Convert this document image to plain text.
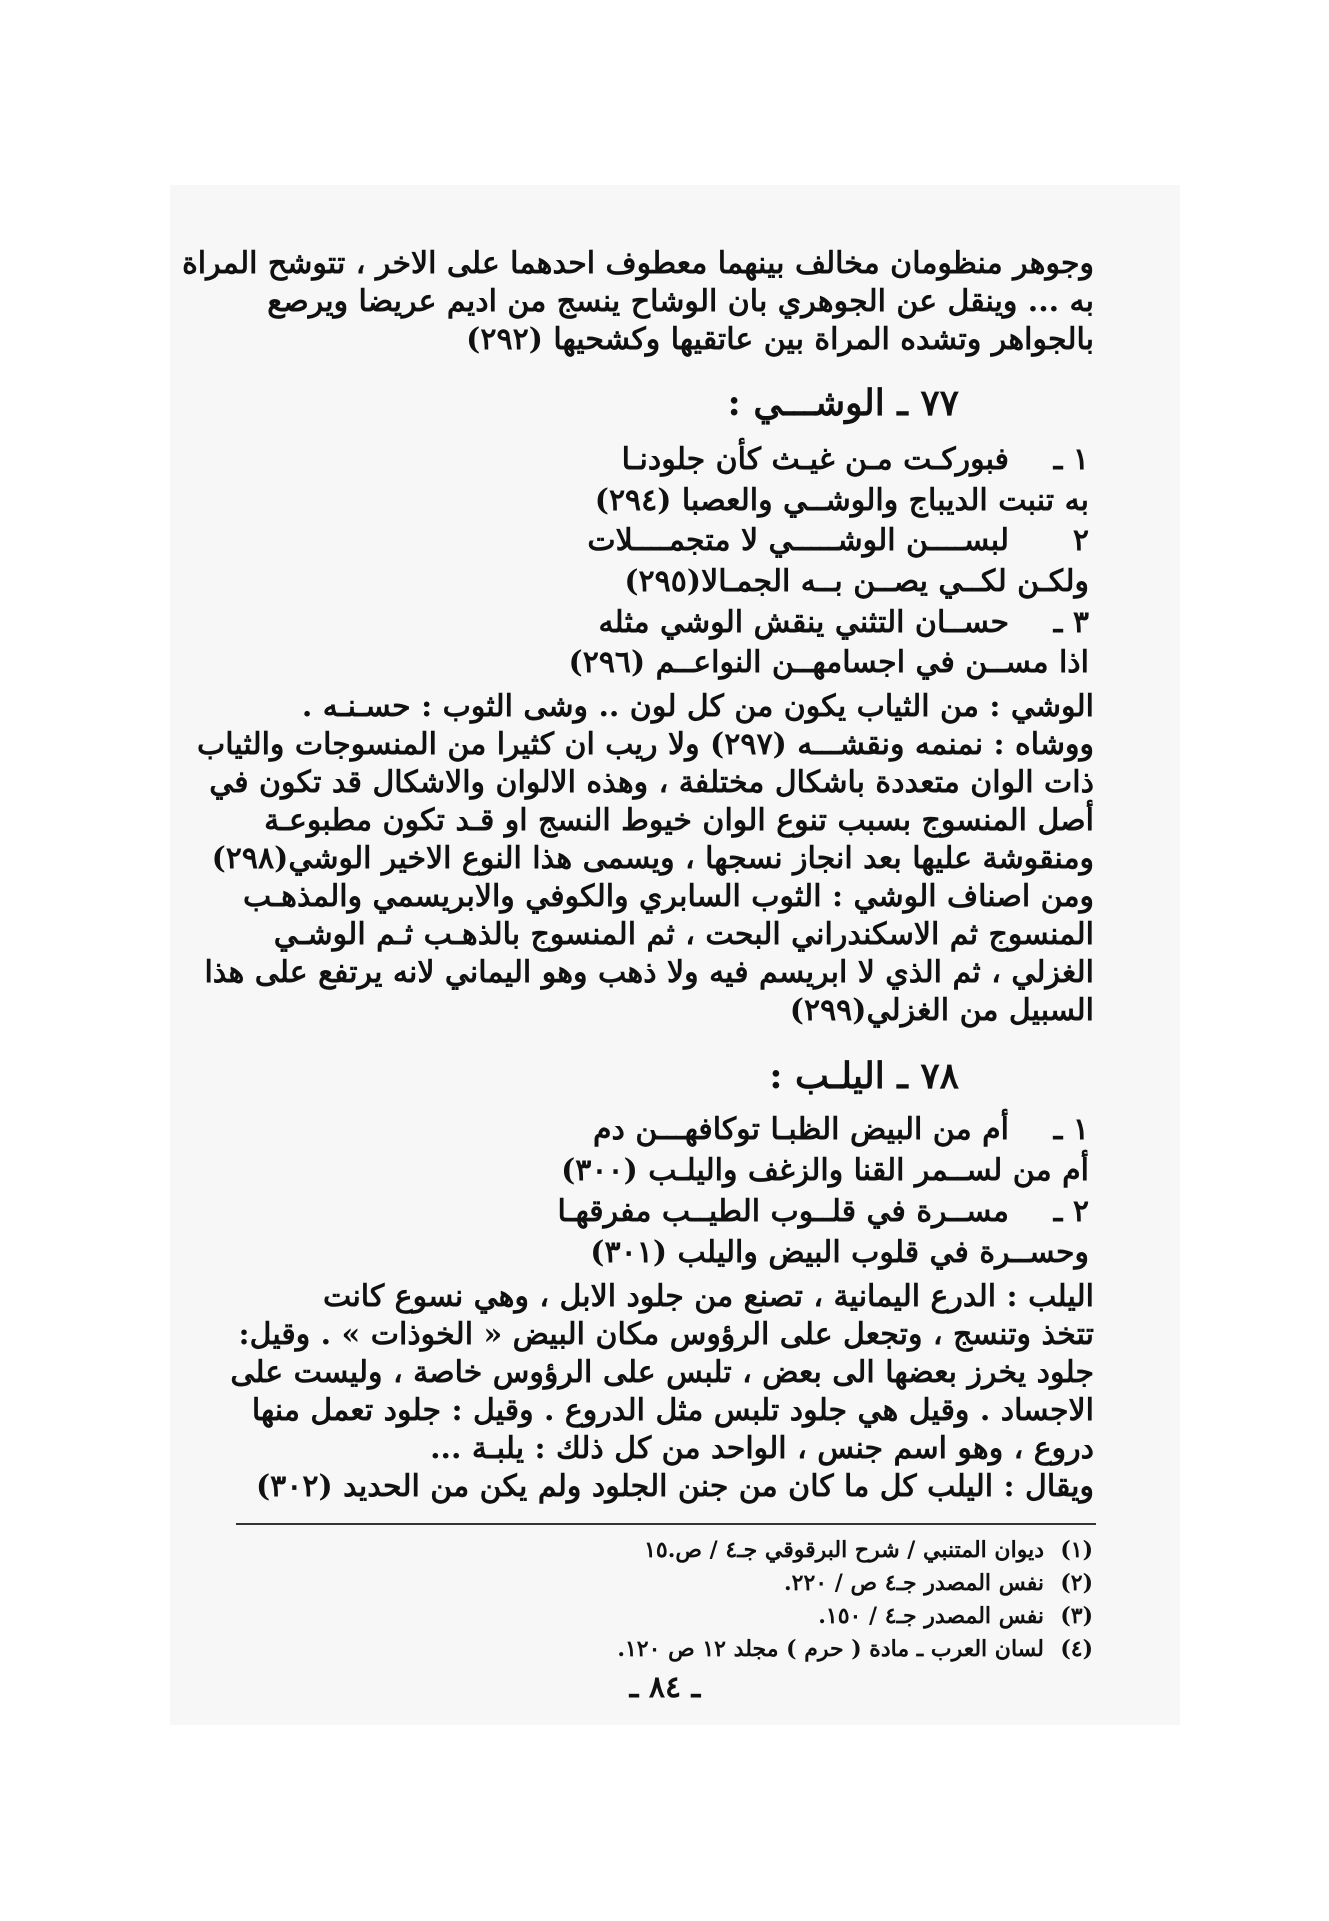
وجوهر منظومان مخالف بينهما معطوف احدهما على الاخر ، تتوشح المراة
به ... وينقل عن الجوهري بان الوشاح ينسج من اديم عريضا ويرصع
بالجواهر وتشده المراة بين عاتقيها وكشحيها (٢٩٢)
٧٧ ـ الوشـــي :
١ ـ
فبوركـت مـن غيـث كأن جلودنـا
به تنبت الديباج والوشــي والعصبا (٢٩٤)
٢
لبســــن الوشـــــي لا متجمــــلات
ولكـن لكــي يصــن بــه الجمـالا(٢٩٥)
٣ ـ
حســان التثني ينقش الوشي مثله
اذا مســن في اجسامهــن النواعــم (٢٩٦)
الوشي : من الثياب يكون من كل لون .. وشى الثوب : حسـنـه .
ووشاه : نمنمه ونقشـــه (٢٩٧) ولا ريب ان كثيرا من المنسوجات والثياب
ذات الوان متعددة باشكال مختلفة ، وهذه الالوان والاشكال قد تكون في
أصل المنسوج بسبب تنوع الوان خيوط النسج او قـد تكون مطبوعـة
ومنقوشة عليها بعد انجاز نسجها ، ويسمى هذا النوع الاخير الوشي(٢٩٨)
ومن اصناف الوشي : الثوب السابري والكوفي والابريسمي والمذهـب
المنسوج ثم الاسكندراني البحت ، ثم المنسوج بالذهـب ثـم الوشـي
الغزلي ، ثم الذي لا ابريسم فيه ولا ذهب وهو اليماني لانه يرتفع على هذا
السبيل من الغزلي(٢٩٩)
٧٨ ـ اليلـب :
١ ـ
أم من البيض الظبـا توكافهـــن دم
أم من لســمر القنا والزغف واليلـب (٣٠٠)
٢ ـ
مســرة في قلــوب الطيــب مفرقهـا
وحســرة في قلوب البيض واليلب (٣٠١)
اليلب : الدرع اليمانية ، تصنع من جلود الابل ، وهي نسوع كانت
تتخذ وتنسج ، وتجعل على الرؤوس مكان البيض « الخوذات » . وقيل:
جلود يخرز بعضها الى بعض ، تلبس على الرؤوس خاصة ، وليست على
الاجساد . وقيل هي جلود تلبس مثل الدروع . وقيل : جلود تعمل منها
دروع ، وهو اسم جنس ، الواحد من كل ذلك : يلبـة ...
ويقال : اليلب كل ما كان من جنن الجلود ولم يكن من الحديد (٣٠٢)
(١)
ديوان المتنبي / شرح البرقوقي جـ٤ / ص.١٥
(٢)
نفس المصدر جـ٤ ص / ٢٢٠.
(٣)
نفس المصدر جـ٤ / ١٥٠.
(٤)
لسان العرب ـ مادة ( حرم ) مجلد ١٢ ص ١٢٠.
ـ ٨٤ ـ
